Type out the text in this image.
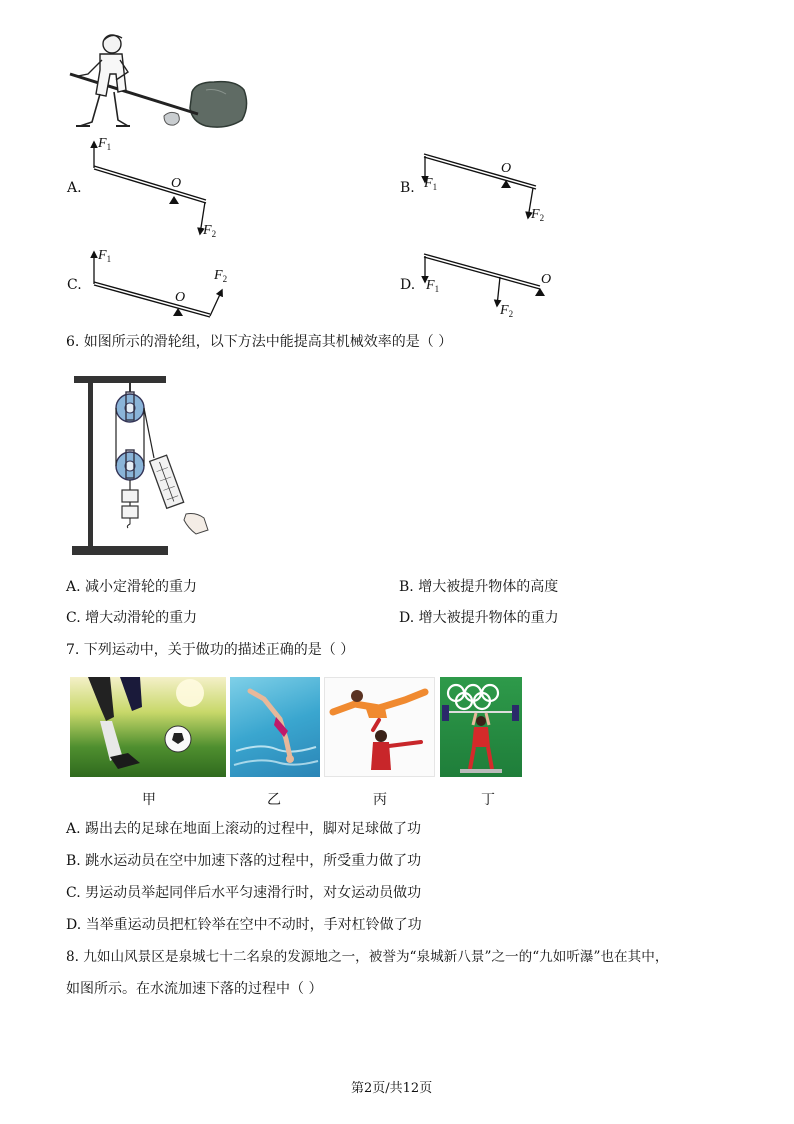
A.
$F_1$
O
$F_2$
B. $F_1$
O
$F_2$
C.
$F_1$
O
$F_2$	D. $F_1$
O
$F_2$
6. 如图所示的滑轮组，以下方法中能提高其机械效率的是（ ）
A. 减小定滑轮的重力	B. 增大被提升物体的高度
C. 增大动滑轮的重力	D. 增大被提升物体的重力
7. 下列运动中，关于做功的描述正确的是（ ）
甲	乙	丙	丁
A. 踢出去的足球在地面上滚动的过程中，脚对足球做了功
B. 跳水运动员在空中加速下落的过程中，所受重力做了功
C. 男运动员举起同伴后水平匀速滑行时，对女运动员做功
D. 当举重运动员把杠铃举在空中不动时，手对杠铃做了功
8. 九如山风景区是泉城七十二名泉的发源地之一，被誉为“泉城新八景”之一的“九如听瀑”也在其中，
如图所示。在水流加速下落的过程中（ ）
第2页/共12页
